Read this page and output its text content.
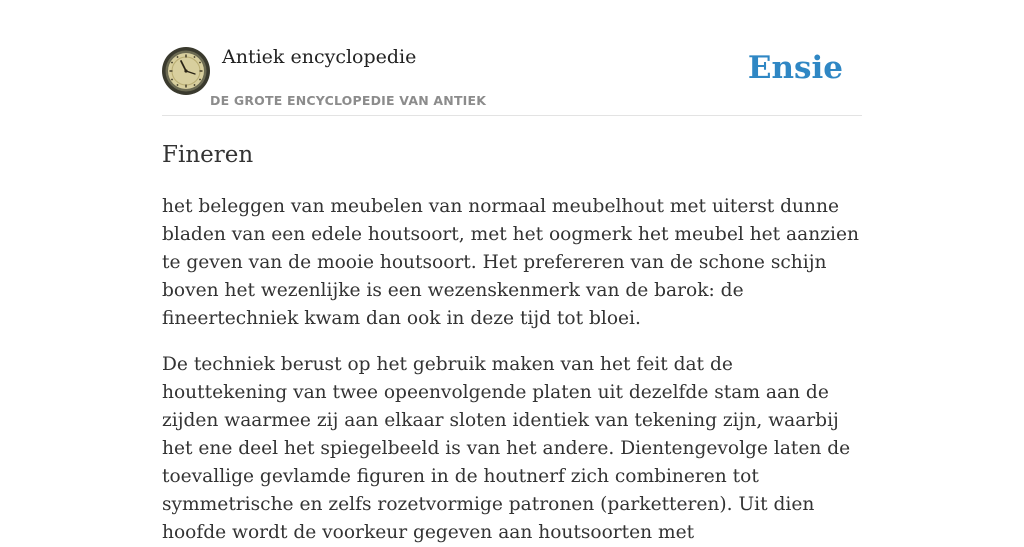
Antiek encyclopedie
DE GROTE ENCYCLOPEDIE VAN ANTIEK
Ensie
Fineren

het beleggen van meubelen van normaal meubelhout met uiterst dunne bladen van een edele houtsoort, met het oogmerk het meubel het aanzien te geven van de mooie houtsoort. Het prefereren van de schone schijn boven het wezenlijke is een wezenskenmerk van de barok: de fineertechniek kwam dan ook in deze tijd tot bloei.

De techniek berust op het gebruik maken van het feit dat de houttekening van twee opeenvolgende platen uit dezelfde stam aan de zijden waarmee zij aan elkaar sloten identiek van tekening zijn, waarbij het ene deel het spiegelbeeld is van het andere. Dientengevolge laten de toevallige gevlamde figuren in de houtnerf zich combineren tot symmetrische en zelfs rozetvormige patronen (parketteren). Uit dien hoofde wordt de voorkeur gegeven aan houtsoorten met
